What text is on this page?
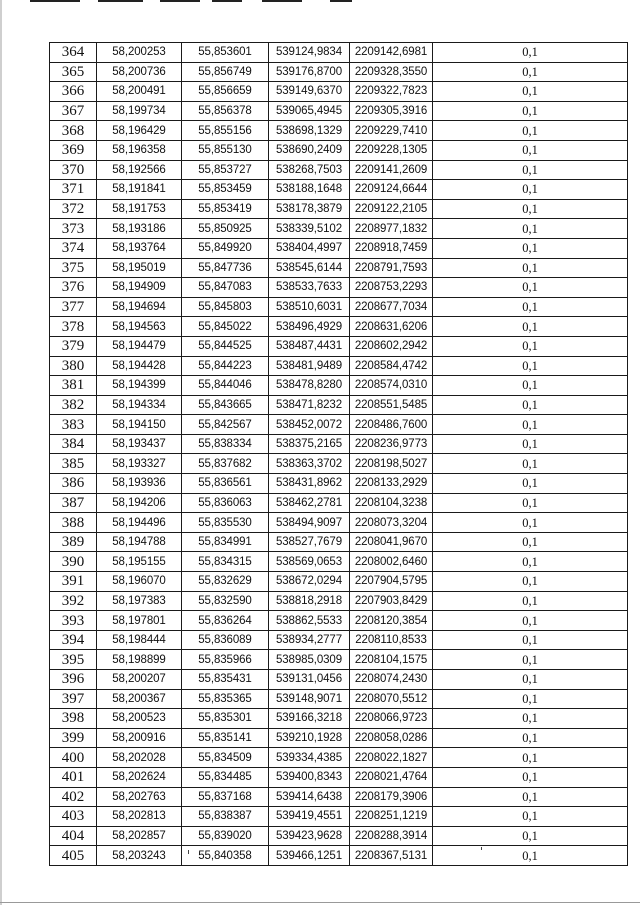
364	58,200253	55,853601	539124,9834	2209142,6981	0,1
365	58,200736	55,856749	539176,8700	2209328,3550	0,1
366	58,200491	55,856659	539149,6370	2209322,7823	0,1
367	58,199734	55,856378	539065,4945	2209305,3916	0,1
368	58,196429	55,855156	538698,1329	2209229,7410	0,1
369	58,196358	55,855130	538690,2409	2209228,1305	0,1
370	58,192566	55,853727	538268,7503	2209141,2609	0,1
371	58,191841	55,853459	538188,1648	2209124,6644	0,1
372	58,191753	55,853419	538178,3879	2209122,2105	0,1
373	58,193186	55,850925	538339,5102	2208977,1832	0,1
374	58,193764	55,849920	538404,4997	2208918,7459	0,1
375	58,195019	55,847736	538545,6144	2208791,7593	0,1
376	58,194909	55,847083	538533,7633	2208753,2293	0,1
377	58,194694	55,845803	538510,6031	2208677,7034	0,1
378	58,194563	55,845022	538496,4929	2208631,6206	0,1
379	58,194479	55,844525	538487,4431	2208602,2942	0,1
380	58,194428	55,844223	538481,9489	2208584,4742	0,1
381	58,194399	55,844046	538478,8280	2208574,0310	0,1
382	58,194334	55,843665	538471,8232	2208551,5485	0,1
383	58,194150	55,842567	538452,0072	2208486,7600	0,1
384	58,193437	55,838334	538375,2165	2208236,9773	0,1
385	58,193327	55,837682	538363,3702	2208198,5027	0,1
386	58,193936	55,836561	538431,8962	2208133,2929	0,1
387	58,194206	55,836063	538462,2781	2208104,3238	0,1
388	58,194496	55,835530	538494,9097	2208073,3204	0,1
389	58,194788	55,834991	538527,7679	2208041,9670	0,1
390	58,195155	55,834315	538569,0653	2208002,6460	0,1
391	58,196070	55,832629	538672,0294	2207904,5795	0,1
392	58,197383	55,832590	538818,2918	2207903,8429	0,1
393	58,197801	55,836264	538862,5533	2208120,3854	0,1
394	58,198444	55,836089	538934,2777	2208110,8533	0,1
395	58,198899	55,835966	538985,0309	2208104,1575	0,1
396	58,200207	55,835431	539131,0456	2208074,2430	0,1
397	58,200367	55,835365	539148,9071	2208070,5512	0,1
398	58,200523	55,835301	539166,3218	2208066,9723	0,1
399	58,200916	55,835141	539210,1928	2208058,0286	0,1
400	58,202028	55,834509	539334,4385	2208022,1827	0,1
401	58,202624	55,834485	539400,8343	2208021,4764	0,1
402	58,202763	55,837168	539414,6438	2208179,3906	0,1
403	58,202813	55,838387	539419,4551	2208251,1219	0,1
404	58,202857	55,839020	539423,9628	2208288,3914	0,1
405	58,203243	55,840358	539466,1251	2208367,5131	0,1
